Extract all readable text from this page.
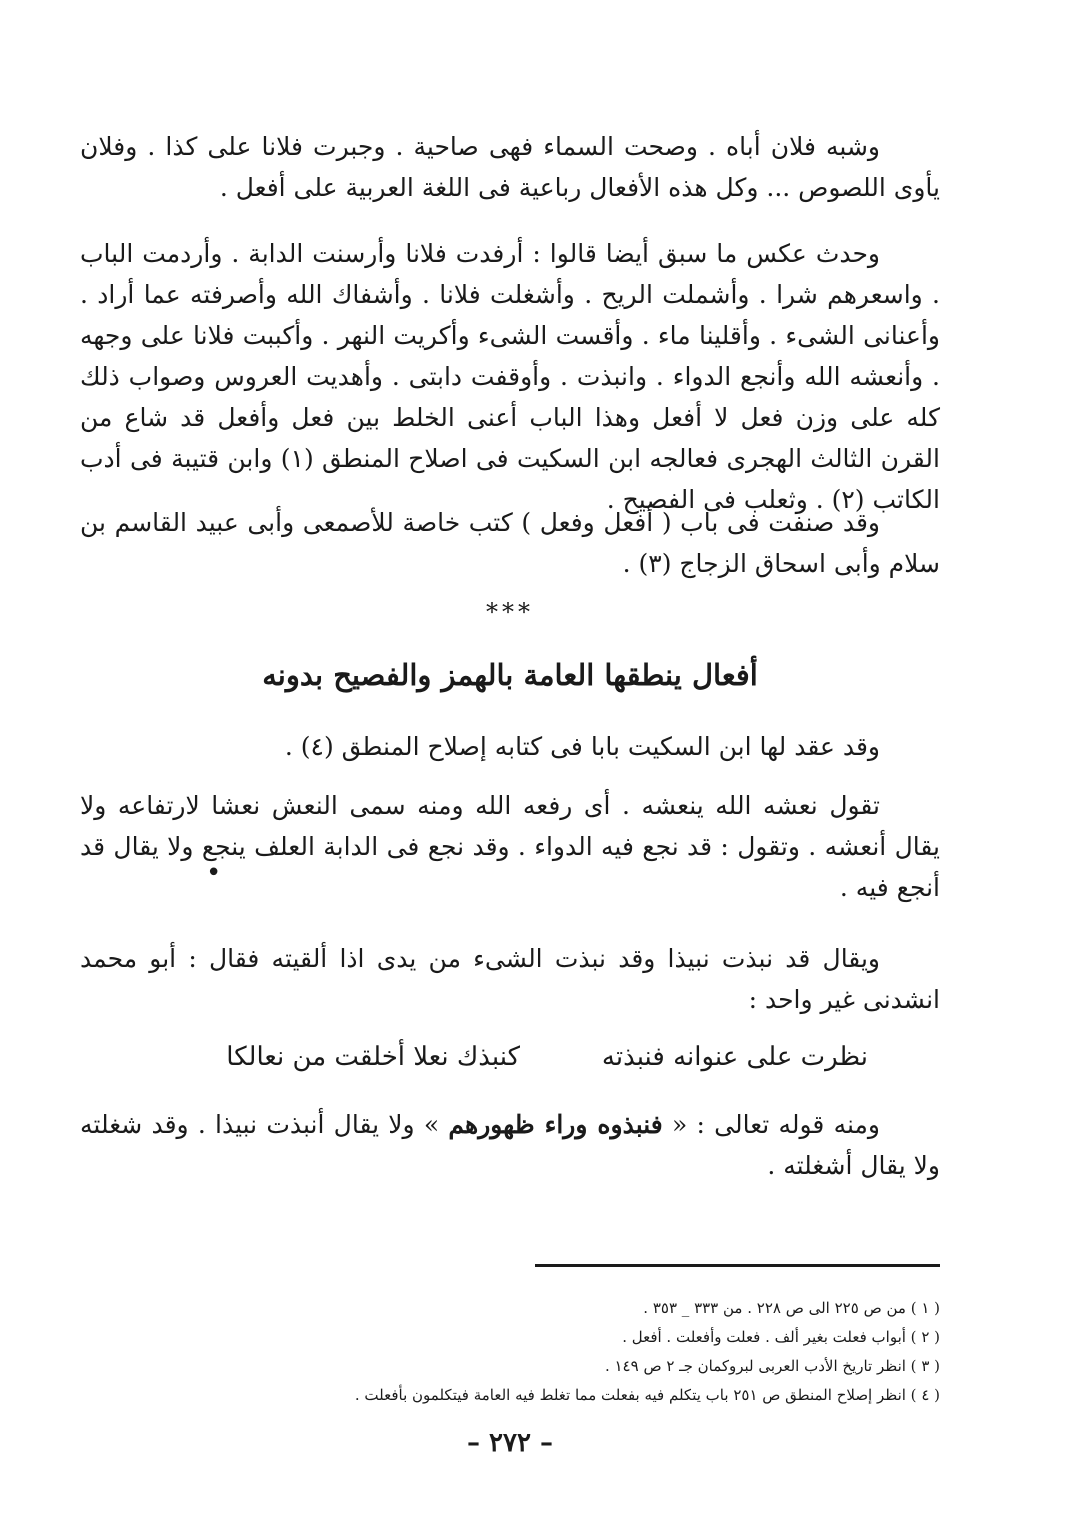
وشبه فلان أباه . وصحت السماء فهى صاحية . وجبرت فلانا على كذا . وفلان يأوى اللصوص ... وكل هذه الأفعال رباعية فى اللغة العربية على أفعل .

وحدث عكس ما سبق أيضا قالوا : أرفدت فلانا وأرسنت الدابة . وأردمت الباب . واسعرهم شرا . وأشملت الريح . وأشغلت فلانا . وأشفاك الله وأصرفته عما أراد . وأعنانى الشىء . وأقلينا ماء . وأقست الشىء وأكريت النهر . وأكببت فلانا على وجهه . وأنعشه الله وأنجع الدواء . وانبذت . وأوقفت دابتى . وأهديت العروس وصواب ذلك كله على وزن فعل لا أفعل وهذا الباب أعنى الخلط بين فعل وأفعل قد شاع من القرن الثالث الهجرى فعالجه ابن السكيت فى اصلاح المنطق (١) وابن قتيبة فى أدب الكاتب (٢) . وثعلب فى الفصيح .

وقد صنفت فى باب ( أفعل وفعل ) كتب خاصة للأصمعى وأبى عبيد القاسم بن سلام وأبى اسحاق الزجاج (٣) .

***
أفعال ينطقها العامة بالهمز والفصيح بدونه

وقد عقد لها ابن السكيت بابا فى كتابه إصلاح المنطق (٤) .

تقول نعشه الله ينعشه . أى رفعه الله ومنه سمى النعش نعشا لارتفاعه ولا يقال أنعشه . وتقول : قد نجع فيه الدواء . وقد نجع فى الدابة العلف ينجع ولا يقال قد أنجع فيه .

•

ويقال قد نبذت نبيذا وقد نبذت الشىء من يدى اذا ألقيته فقال : أبو محمد انشدنى غير واحد :

نظرت على عنوانه فنبذته
كنبذك نعلا أخلقت من نعالكا

ومنه قوله تعالى : « فنبذوه وراء ظهورهم » ولا يقال أنبذت نبيذا . وقد شغلته ولا يقال أشغلته .

( ١ ) من ص ٢٢٥ الى ص ٢٢٨ . من ٣٣٣ _ ٣٥٣ .

( ٢ ) أبواب فعلت بغير ألف . فعلت وأفعلت . أفعل .

( ٣ ) انظر تاريخ الأدب العربى لبروكمان جـ ٢ ص ١٤٩ .

( ٤ ) انظر إصلاح المنطق ص ٢٥١ باب يتكلم فيه بفعلت مما تغلط فيه العامة فيتكلمون بأفعلت .

– ٢٧٢ –
